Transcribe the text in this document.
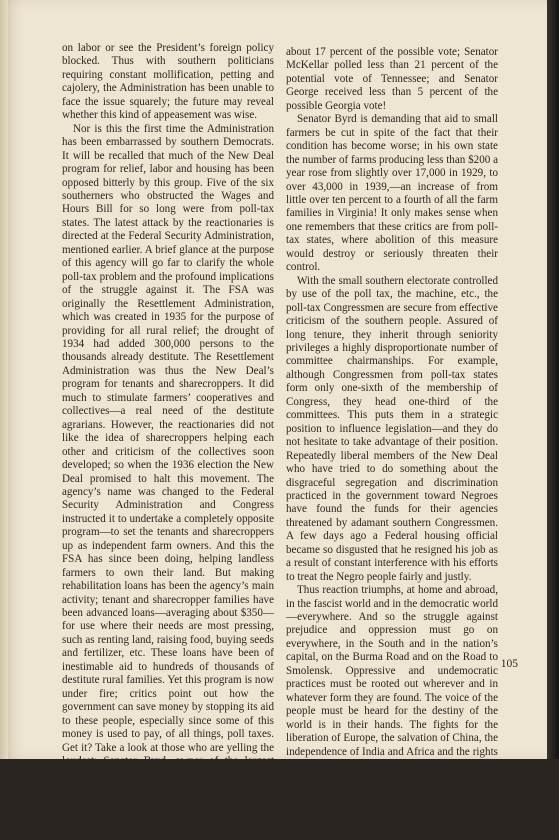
on labor or see the President’s foreign policy blocked. Thus with southern politicians requiring constant mollification, petting and cajolery, the Administration has been unable to face the issue squarely; the future may reveal whether this kind of appeasement was wise.

Nor is this the first time the Administration has been embarrassed by southern Democrats. It will be recalled that much of the New Deal program for relief, labor and housing has been opposed bitterly by this group. Five of the six southerners who obstructed the Wages and Hours Bill for so long were from poll-tax states. The latest attack by the reactionaries is directed at the Federal Security Administration, mentioned earlier. A brief glance at the purpose of this agency will go far to clarify the whole poll-tax problem and the profound implications of the struggle against it. The FSA was originally the Resettlement Administration, which was created in 1935 for the purpose of providing for all rural relief; the drought of 1934 had added 300,000 persons to the thousands already destitute. The Resettlement Administration was thus the New Deal’s program for tenants and sharecroppers. It did much to stimulate farmers’ cooperatives and collectives—a real need of the destitute agrarians. However, the reactionaries did not like the idea of sharecroppers helping each other and criticism of the collectives soon developed; so when the 1936 election the New Deal promised to halt this movement. The agency’s name was changed to the Federal Security Administration and Congress instructed it to undertake a completely opposite program—to set the tenants and sharecroppers up as independent farm owners. And this the FSA has since been doing, helping landless farmers to own their land. But making rehabilitation loans has been the agency’s main activity; tenant and sharecropper families have been advanced loans—averaging about $350—for use where their needs are most pressing, such as renting land, raising food, buying seeds and fertilizer, etc. These loans have been of inestimable aid to hundreds of thousands of destitute rural families. Yet this program is now under fire; critics point out how the government can save money by stopping its aid to these people, especially since some of this money is used to pay, of all things, poll taxes. Get it? Take a look at those who are yelling the loudest: Senator Byrd, owner of the largest apple orchard in the country—5,000 acres, came back to Congress, by virtue of the poll tax, with 21 percent of the potential vote behind him; Senator Glass, his colleague from Virginia, was returned with

about 17 percent of the possible vote; Senator McKellar polled less than 21 percent of the potential vote of Tennessee; and Senator George received less than 5 percent of the possible Georgia vote!

Senator Byrd is demanding that aid to small farmers be cut in spite of the fact that their condition has become worse; in his own state the number of farms producing less than $200 a year rose from slightly over 17,000 in 1929, to over 43,000 in 1939,—an increase of from little over ten percent to a fourth of all the farm families in Virginia! It only makes sense when one remembers that these critics are from poll-tax states, where abolition of this measure would destroy or seriously threaten their control.

With the small southern electorate controlled by use of the poll tax, the machine, etc., the poll-tax Congressmen are secure from effective criticism of the southern people. Assured of long tenure, they inherit through seniority privileges a highly disproportionate number of committee chairmanships. For example, although Congressmen from poll-tax states form only one-sixth of the membership of Congress, they head one-third of the committees. This puts them in a strategic position to influence legislation—and they do not hesitate to take advantage of their position. Repeatedly liberal members of the New Deal who have tried to do something about the disgraceful segregation and discrimination practiced in the government toward Negroes have found the funds for their agencies threatened by adamant southern Congressmen. A few days ago a Federal housing official became so disgusted that he resigned his job as a result of constant interference with his efforts to treat the Negro people fairly and justly.

Thus reaction triumphs, at home and abroad, in the fascist world and in the democratic world—everywhere. And so the struggle against prejudice and oppression must go on everywhere, in the South and in the nation’s capital, on the Burma Road and on the Road to Smolensk. Oppressive and undemocratic practices must be rooted out wherever and in whatever form they are found. The voice of the people must be heard for the destiny of the world is in their hands. The fights for the liberation of Europe, the salvation of China, the independence of India and Africa and the rights of the Negro all have much in common, are cut from essentially the same cloth and with basically the same pattern. The battle is broad and fluid; the struggle for human freedom and the dignity of man is universal and indivisible. And we fight for complete victory.

105
